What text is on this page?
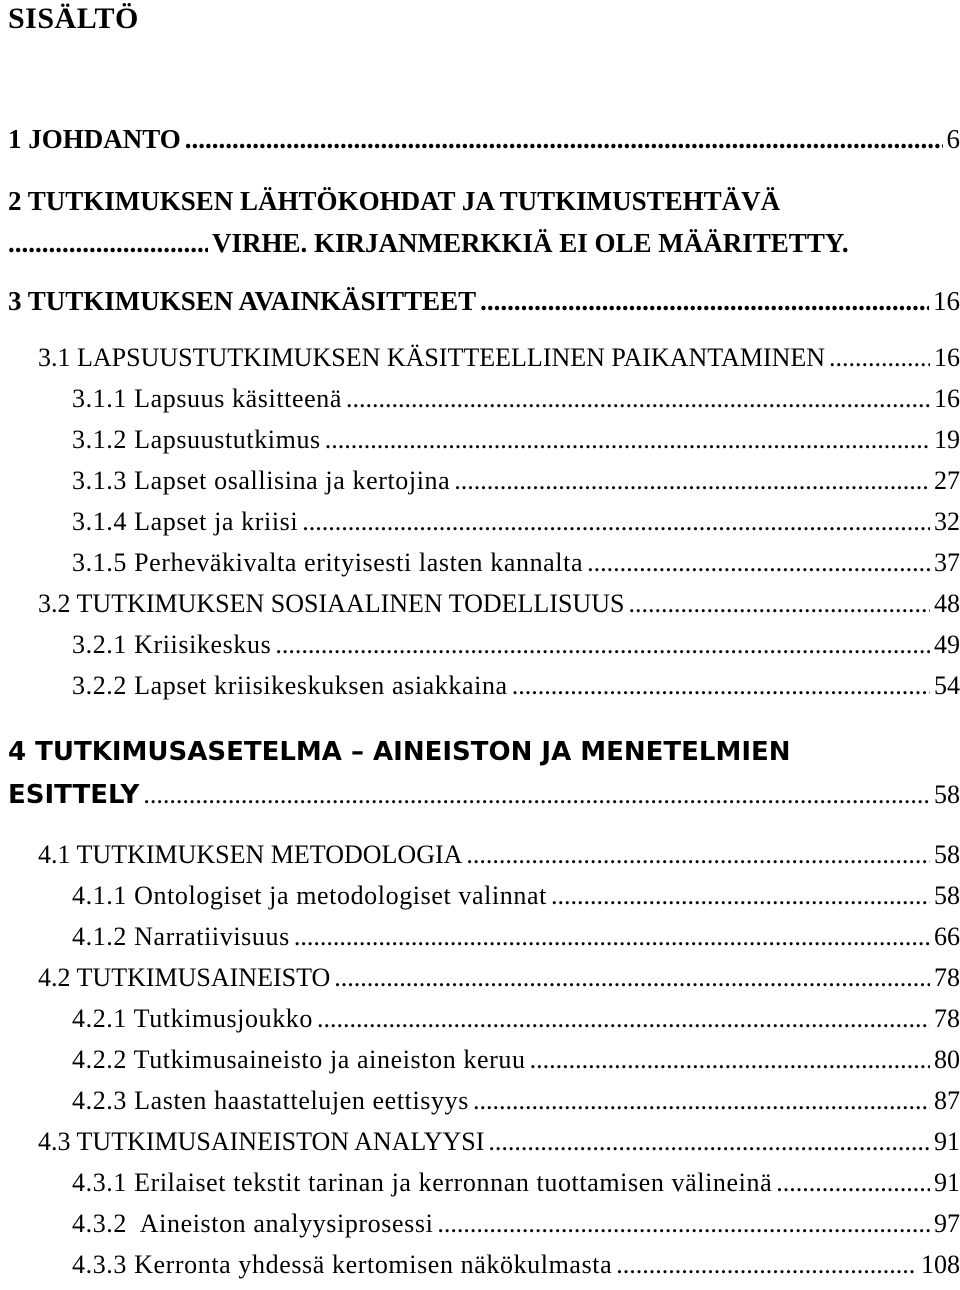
SISÄLTÖ
1 JOHDANTO .....	6
2 TUTKIMUKSEN LÄHTÖKOHDAT JA TUTKIMUSTEHTÄVÄ
.....
VIRHE. KIRJANMERKKIÄ EI OLE MÄÄRITETTY.
3 TUTKIMUKSEN AVAINKÄSITTEET .....	16
3.1 LAPSUUSTUTKIMUKSEN KÄSITTEELLINEN PAIKANTAMINEN .....	16
3.1.1 Lapsuus käsitteenä .....	16
3.1.2 Lapsuustutkimus .....	19
3.1.3 Lapset osallisina ja kertojina .....	27
3.1.4 Lapset ja kriisi .....	32
3.1.5 Perheväkivalta erityisesti lasten kannalta .....	37
3.2 TUTKIMUKSEN SOSIAALINEN TODELLISUUS .....	48
3.2.1 Kriisikeskus .....	49
3.2.2 Lapset kriisikeskuksen asiakkaina .....	54
4 TUTKIMUSASETELMA – AINEISTON JA MENETELMIEN
ESITTELY .....	58
4.1 TUTKIMUKSEN METODOLOGIA .....	58
4.1.1 Ontologiset ja metodologiset valinnat .....	58
4.1.2 Narratiivisuus .....	66
4.2 TUTKIMUSAINEISTO .....	78
4.2.1 Tutkimusjoukko .....	78
4.2.2 Tutkimusaineisto ja aineiston keruu .....	80
4.2.3 Lasten haastattelujen eettisyys .....	87
4.3 TUTKIMUSAINEISTON ANALYYSI .....	91
4.3.1 Erilaiset tekstit tarinan ja kerronnan tuottamisen välineinä .....	91
4.3.2  Aineiston analyysiprosessi .....	97
4.3.3 Kerronta yhdessä kertomisen näkökulmasta .....	108
